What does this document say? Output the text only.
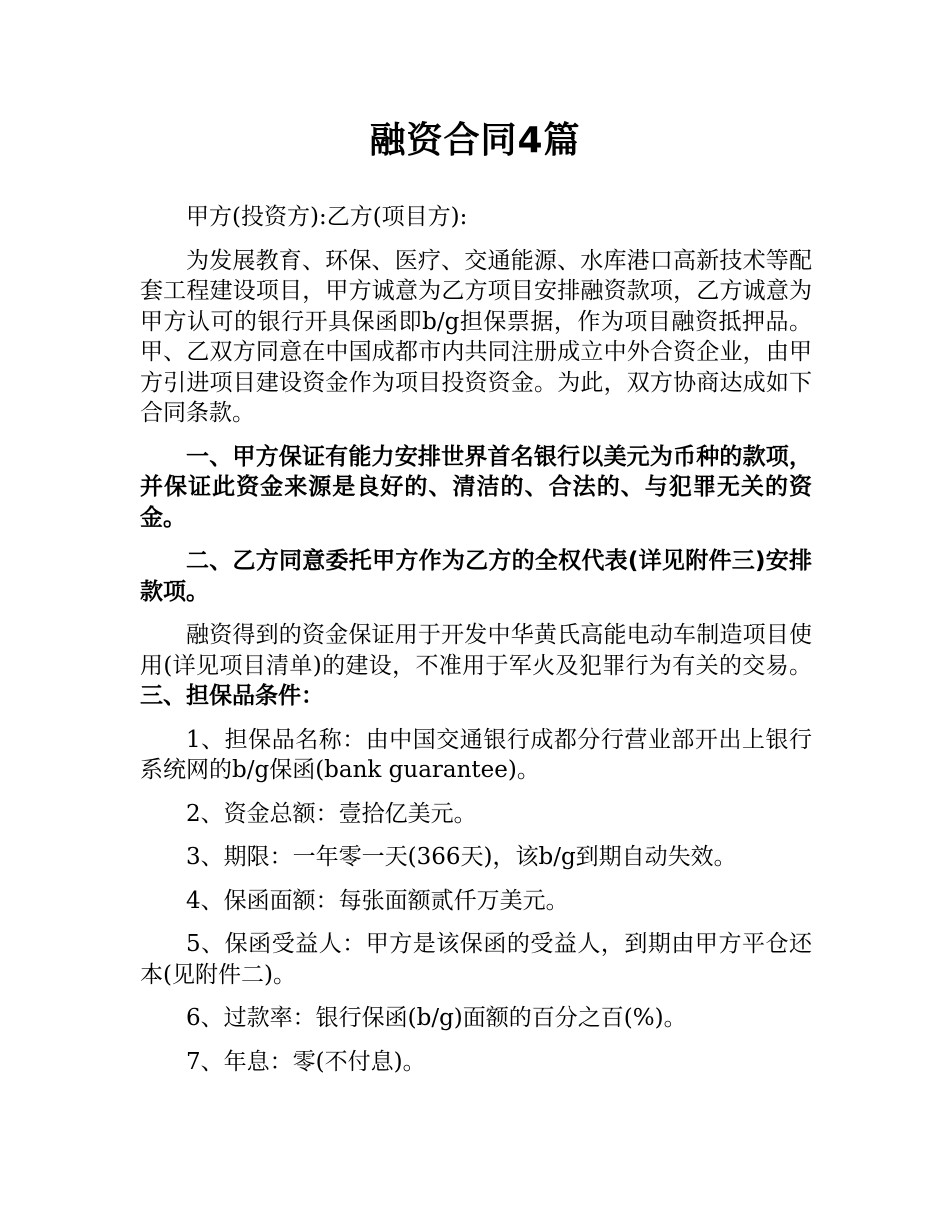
融资合同4篇

甲方(投资方):乙方(项目方):

为发展教育、环保、医疗、交通能源、水库港口高新技术等配套工程建设项目，甲方诚意为乙方项目安排融资款项，乙方诚意为甲方认可的银行开具保函即b/g担保票据，作为项目融资抵押品。甲、乙双方同意在中国成都市内共同注册成立中外合资企业，由甲方引进项目建设资金作为项目投资资金。为此，双方协商达成如下合同条款。

一、甲方保证有能力安排世界首名银行以美元为币种的款项，并保证此资金来源是良好的、清洁的、合法的、与犯罪无关的资金。

二、乙方同意委托甲方作为乙方的全权代表(详见附件三)安排款项。

融资得到的资金保证用于开发中华黄氏高能电动车制造项目使用(详见项目清单)的建设，不准用于军火及犯罪行为有关的交易。三、担保品条件：

1、担保品名称：由中国交通银行成都分行营业部开出上银行系统网的b/g保函(bank guarantee)。

2、资金总额：壹拾亿美元。

3、期限：一年零一天(366天)，该b/g到期自动失效。

4、保函面额：每张面额贰仟万美元。

5、保函受益人：甲方是该保函的受益人，到期由甲方平仓还本(见附件二)。

6、过款率：银行保函(b/g)面额的百分之百(%)。

7、年息：零(不付息)。
